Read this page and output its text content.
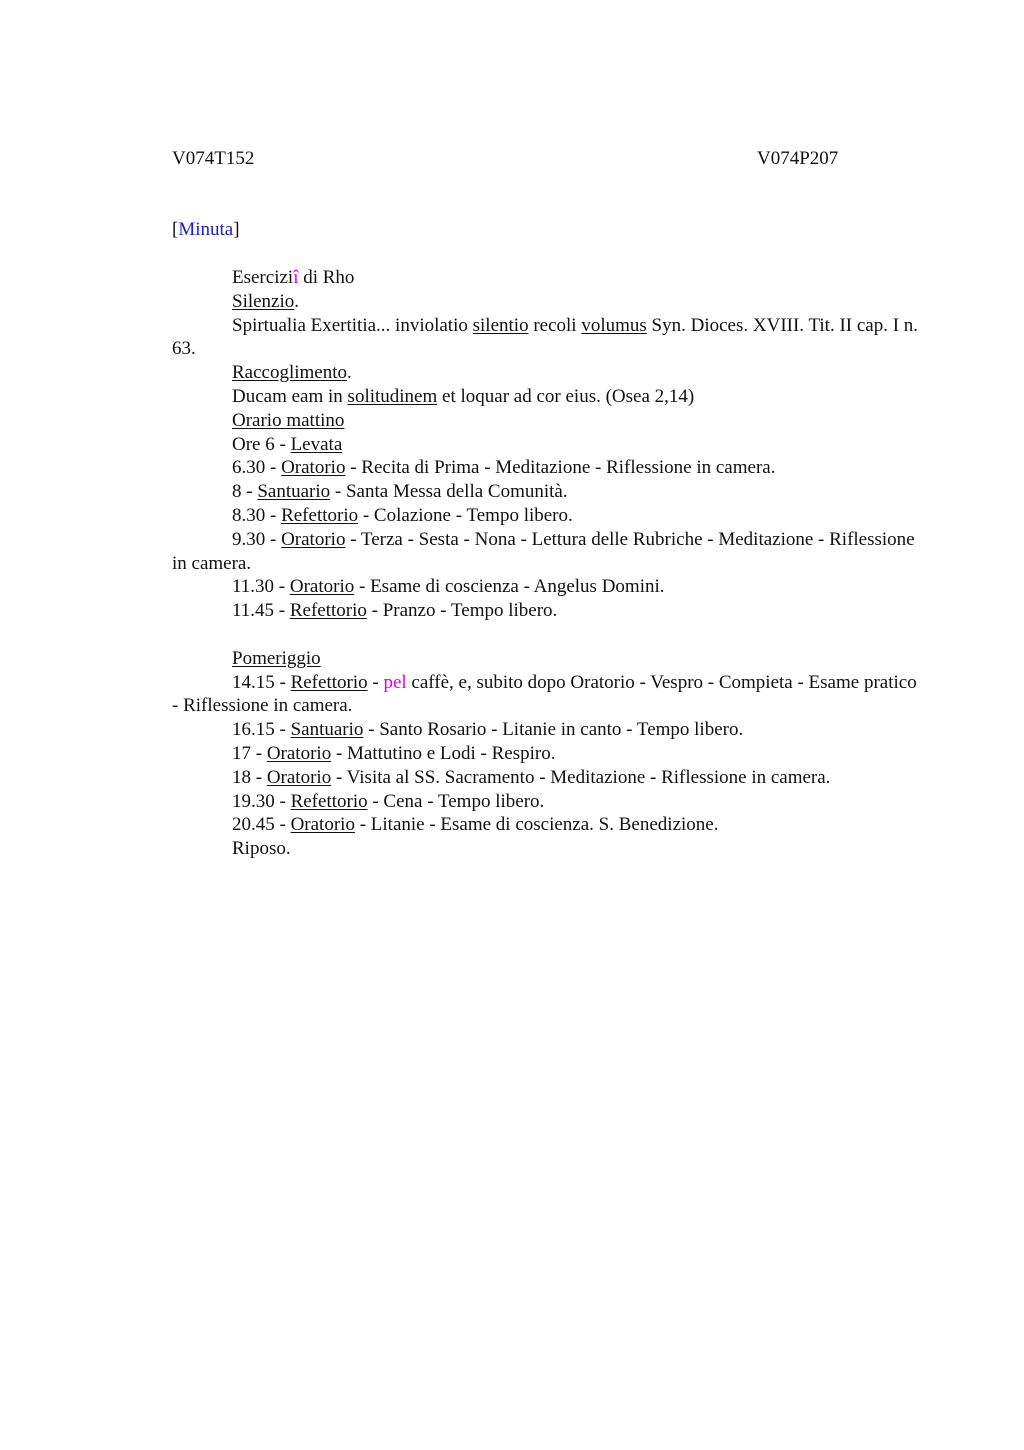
V074T152	V074P207
[Minuta]

Eserciziî di Rho

Silenzio.

Spirtualia Exertitia... inviolatio silentio recoli volumus Syn. Dioces. XVIII. Tit. II cap. I n. 63.

Raccoglimento.

Ducam eam in solitudinem et loquar ad cor eius. (Osea 2,14)

Orario mattino

Ore 6 - Levata

6.30 - Oratorio - Recita di Prima - Meditazione - Riflessione in camera.

8 - Santuario - Santa Messa della Comunità.

8.30 - Refettorio - Colazione - Tempo libero.

9.30 - Oratorio - Terza - Sesta - Nona - Lettura delle Rubriche - Meditazione - Riflessione in camera.

11.30 - Oratorio - Esame di coscienza - Angelus Domini.

11.45 - Refettorio - Pranzo - Tempo libero.

Pomeriggio

14.15 - Refettorio - pel caffè, e, subito dopo Oratorio - Vespro - Compieta - Esame pratico - Riflessione in camera.

16.15 - Santuario - Santo Rosario - Litanie in canto - Tempo libero.

17 - Oratorio - Mattutino e Lodi - Respiro.

18 - Oratorio - Visita al SS. Sacramento - Meditazione - Riflessione in camera.

19.30 - Refettorio - Cena - Tempo libero.

20.45 - Oratorio - Litanie - Esame di coscienza. S. Benedizione.

Riposo.
